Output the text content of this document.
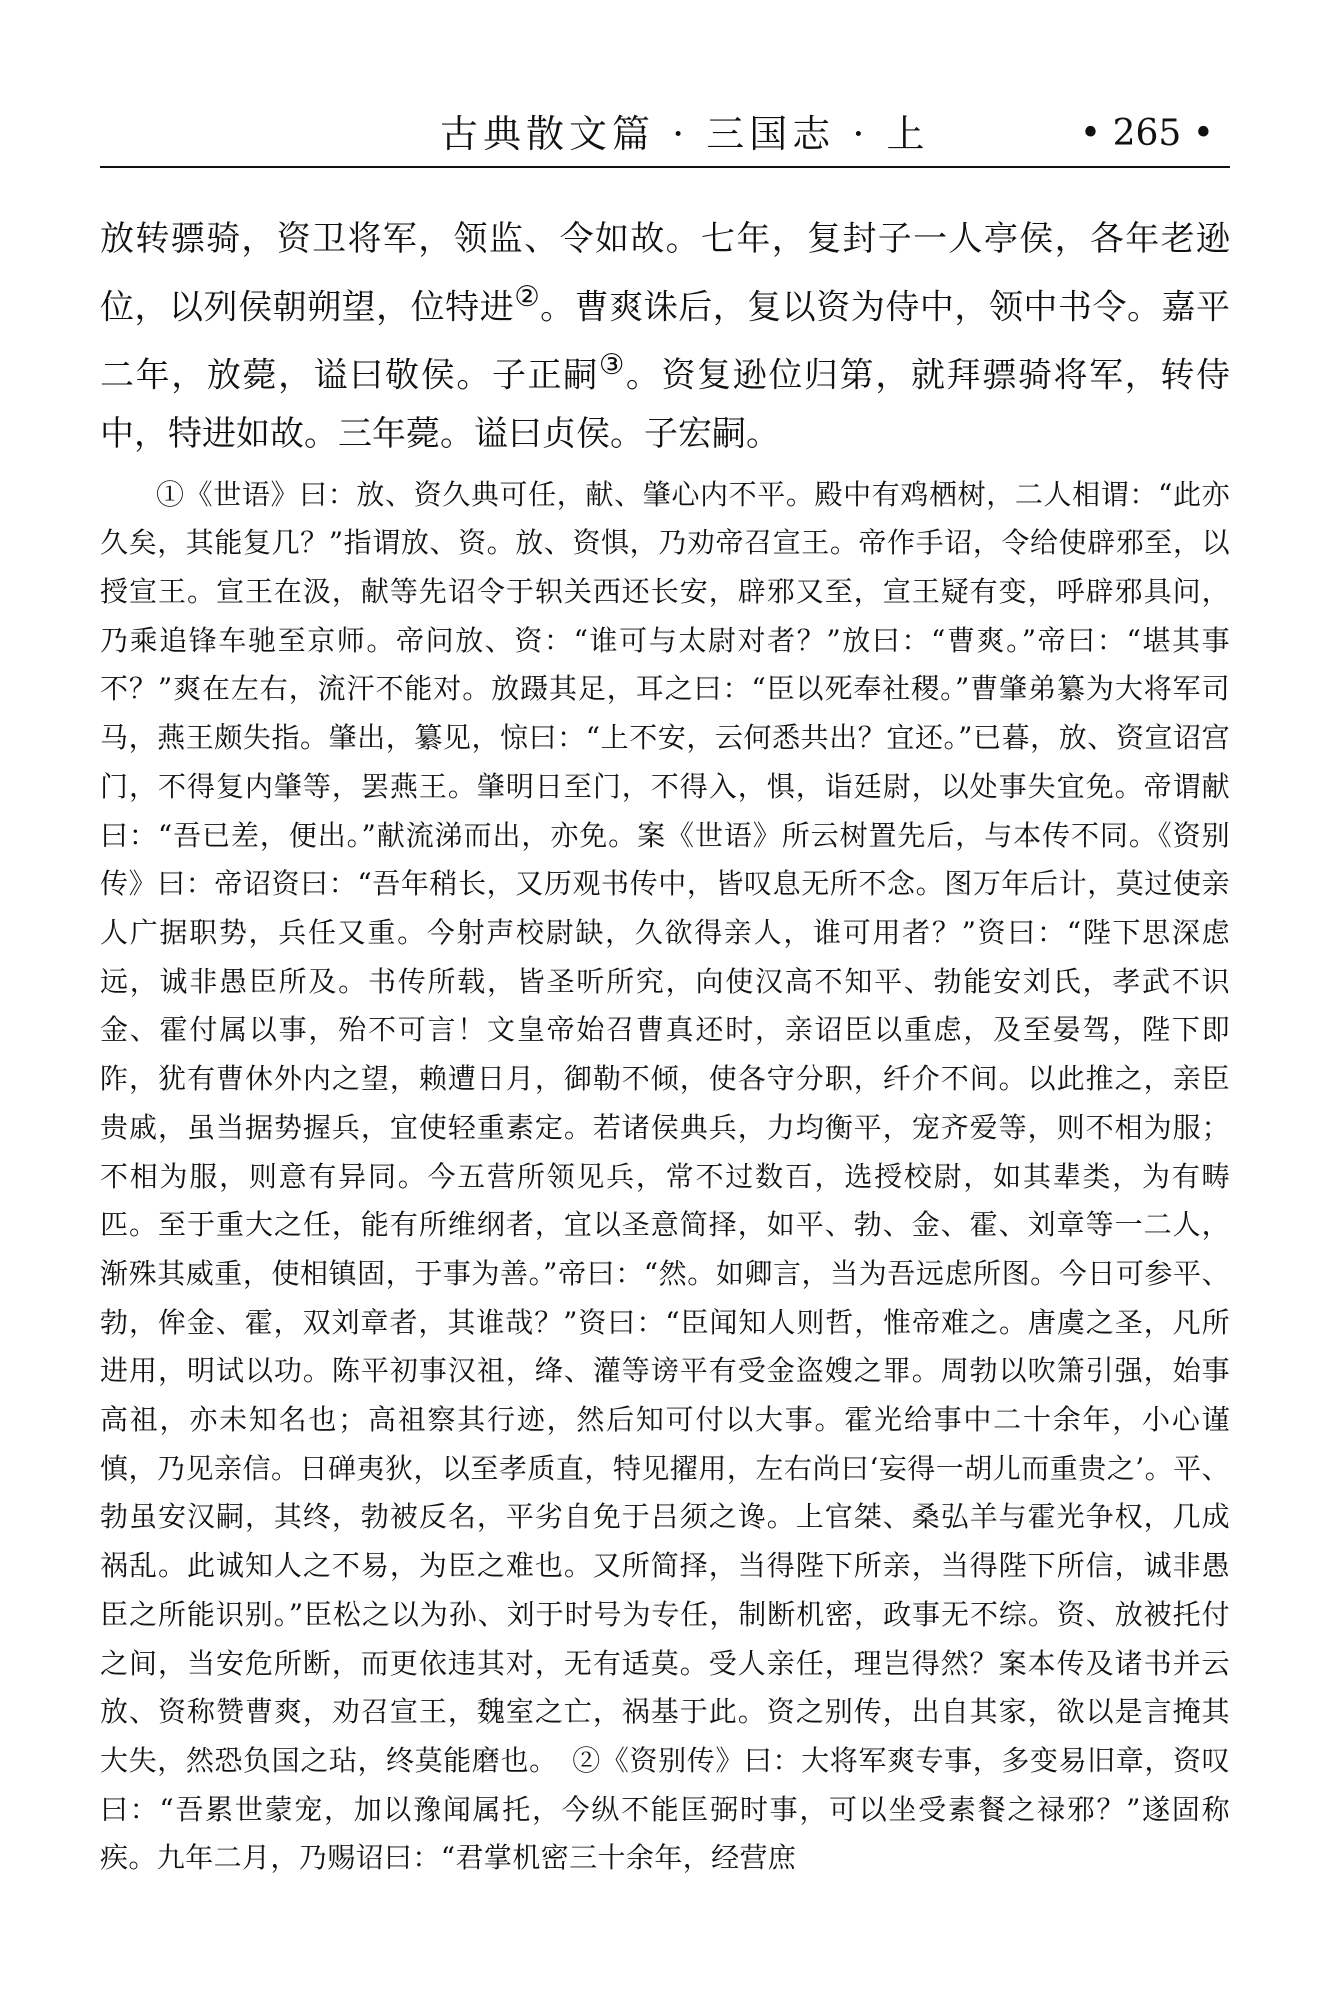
古典散文篇 · 三国志 · 上	• 265 •

放转骠骑，资卫将军，领监、令如故。七年，复封子一人亭侯，各年老逊位，以列侯朝朔望，位特进②。曹爽诛后，复以资为侍中，领中书令。嘉平二年，放薨，谥曰敬侯。子正嗣③。资复逊位归第，就拜骠骑将军，转侍中，特进如故。三年薨。谥曰贞侯。子宏嗣。

①《世语》曰：放、资久典可任，献、肇心内不平。殿中有鸡栖树，二人相谓：“此亦久矣，其能复几？”指谓放、资。放、资惧，乃劝帝召宣王。帝作手诏，令给使辟邪至，以授宣王。宣王在汲，献等先诏令于轵关西还长安，辟邪又至，宣王疑有变，呼辟邪具问，乃乘追锋车驰至京师。帝问放、资：“谁可与太尉对者？”放曰：“曹爽。”帝曰：“堪其事不？”爽在左右，流汗不能对。放蹑其足，耳之曰：“臣以死奉社稷。”曹肇弟纂为大将军司马，燕王颇失指。肇出，纂见，惊曰：“上不安，云何悉共出？宜还。”已暮，放、资宣诏宫门，不得复内肇等，罢燕王。肇明日至门，不得入，惧，诣廷尉，以处事失宜免。帝谓献曰：“吾已差，便出。”献流涕而出，亦免。案《世语》所云树置先后，与本传不同。《资别传》曰：帝诏资曰：“吾年稍长，又历观书传中，皆叹息无所不念。图万年后计，莫过使亲人广据职势，兵任又重。今射声校尉缺，久欲得亲人，谁可用者？”资曰：“陛下思深虑远，诚非愚臣所及。书传所载，皆圣听所究，向使汉高不知平、勃能安刘氏，孝武不识金、霍付属以事，殆不可言！文皇帝始召曹真还时，亲诏臣以重虑，及至晏驾，陛下即阼，犹有曹休外内之望，赖遭日月，御勒不倾，使各守分职，纤介不间。以此推之，亲臣贵戚，虽当据势握兵，宜使轻重素定。若诸侯典兵，力均衡平，宠齐爱等，则不相为服；不相为服，则意有异同。今五营所领见兵，常不过数百，选授校尉，如其辈类，为有畴匹。至于重大之任，能有所维纲者，宜以圣意简择，如平、勃、金、霍、刘章等一二人，渐殊其威重，使相镇固，于事为善。”帝曰：“然。如卿言，当为吾远虑所图。今日可参平、勃，侔金、霍，双刘章者，其谁哉？”资曰：“臣闻知人则哲，惟帝难之。唐虞之圣，凡所进用，明试以功。陈平初事汉祖，绛、灌等谤平有受金盗嫂之罪。周勃以吹箫引强，始事高祖，亦未知名也；高祖察其行迹，然后知可付以大事。霍光给事中二十余年，小心谨慎，乃见亲信。日䃅夷狄，以至孝质直，特见擢用，左右尚曰‘妄得一胡儿而重贵之’。平、勃虽安汉嗣，其终，勃被反名，平劣自免于吕须之谗。上官桀、桑弘羊与霍光争权，几成祸乱。此诚知人之不易，为臣之难也。又所简择，当得陛下所亲，当得陛下所信，诚非愚臣之所能识别。”臣松之以为孙、刘于时号为专任，制断机密，政事无不综。资、放被托付之间，当安危所断，而更依违其对，无有适莫。受人亲任，理岂得然？案本传及诸书并云放、资称赞曹爽，劝召宣王，魏室之亡，祸基于此。资之别传，出自其家，欲以是言掩其大失，然恐负国之玷，终莫能磨也。　②《资别传》曰：大将军爽专事，多变易旧章，资叹曰：“吾累世蒙宠，加以豫闻属托，今纵不能匡弼时事，可以坐受素餐之禄邪？”遂固称疾。九年二月，乃赐诏曰：“君掌机密三十余年，经营庶
